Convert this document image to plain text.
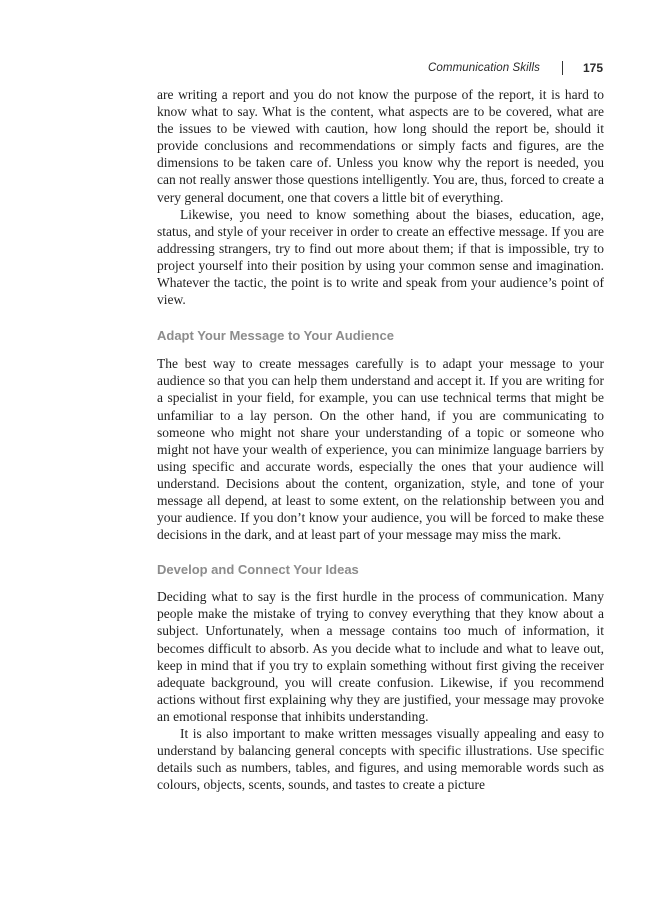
Communication Skills	175

are writing a report and you do not know the purpose of the report, it is hard to know what to say. What is the content, what aspects are to be covered, what are the issues to be viewed with caution, how long should the report be, should it provide conclusions and recommendations or simply facts and figures, are the dimensions to be taken care of. Unless you know why the report is needed, you can not really answer those questions intelligently. You are, thus, forced to create a very general document, one that covers a little bit of everything.

Likewise, you need to know something about the biases, education, age, status, and style of your receiver in order to create an effective message. If you are addressing strangers, try to find out more about them; if that is impossible, try to project yourself into their position by using your common sense and imagination. Whatever the tactic, the point is to write and speak from your audience’s point of view.

Adapt Your Message to Your Audience

The best way to create messages carefully is to adapt your message to your audience so that you can help them understand and accept it. If you are writing for a specialist in your field, for example, you can use technical terms that might be unfamiliar to a lay person. On the other hand, if you are communicating to someone who might not share your understanding of a topic or someone who might not have your wealth of experience, you can minimize language barriers by using specific and accurate words, especially the ones that your audience will understand. Decisions about the content, organization, style, and tone of your message all depend, at least to some extent, on the relationship between you and your audience. If you don’t know your audience, you will be forced to make these decisions in the dark, and at least part of your message may miss the mark.

Develop and Connect Your Ideas

Deciding what to say is the first hurdle in the process of communication. Many people make the mistake of trying to convey everything that they know about a subject. Unfortunately, when a message contains too much of information, it becomes difficult to absorb. As you decide what to include and what to leave out, keep in mind that if you try to explain something without first giving the receiver adequate background, you will create confusion. Likewise, if you recommend actions without first explaining why they are justified, your message may provoke an emotional response that inhibits understanding.

It is also important to make written messages visually appealing and easy to understand by balancing general concepts with specific illustrations. Use specific details such as numbers, tables, and figures, and using memorable words such as colours, objects, scents, sounds, and tastes to create a picture
